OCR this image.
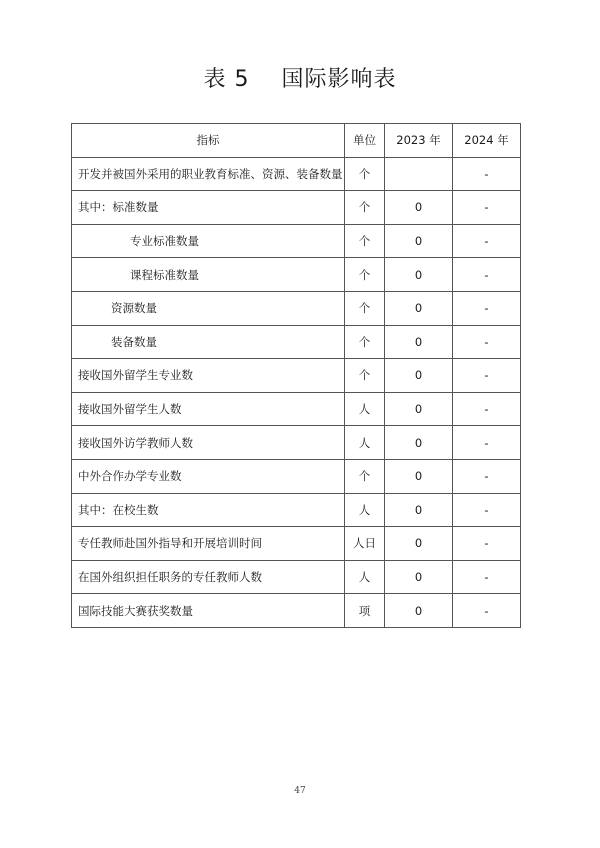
表 5 国际影响表
指标	单位	2023 年	2024 年
开发并被国外采用的职业教育标准、资源、装备数量	个		-
其中：标准数量	个	0	-
专业标准数量	个	0	-
课程标准数量	个	0	-
资源数量	个	0	-
装备数量	个	0	-
接收国外留学生专业数	个	0	-
接收国外留学生人数	人	0	-
接收国外访学教师人数	人	0	-
中外合作办学专业数	个	0	-
其中：在校生数	人	0	-
专任教师赴国外指导和开展培训时间	人日	0	-
在国外组织担任职务的专任教师人数	人	0	-
国际技能大赛获奖数量	项	0	-
47
